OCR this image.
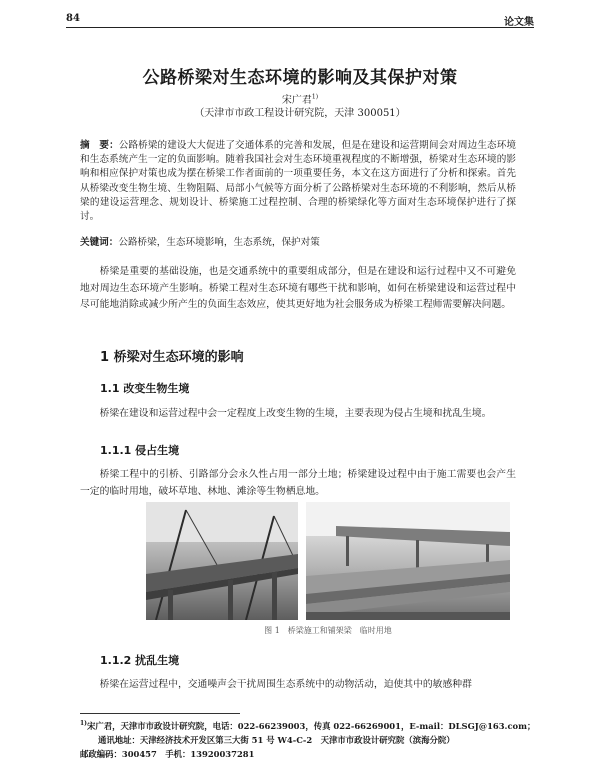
84	论文集
公路桥梁对生态环境的影响及其保护对策
宋广君$^{1)}$
（天津市市政工程设计研究院，天津 300051）
摘　要：公路桥梁的建设大大促进了交通体系的完善和发展，但是在建设和运营期间会对周边生态环境和生态系统产生一定的负面影响。随着我国社会对生态环境重视程度的不断增强，桥梁对生态环境的影响和相应保护对策也成为摆在桥梁工作者面前的一项重要任务，本文在这方面进行了分析和探索。首先从桥梁改变生物生境、生物阻隔、局部小气候等方面分析了公路桥梁对生态环境的不利影响，然后从桥梁的建设运营理念、规划设计、桥梁施工过程控制、合理的桥梁绿化等方面对生态环境保护进行了探讨。
关键词：公路桥梁，生态环境影响，生态系统，保护对策
桥梁是重要的基础设施，也是交通系统中的重要组成部分，但是在建设和运行过程中又不可避免地对周边生态环境产生影响。桥梁工程对生态环境有哪些干扰和影响，如何在桥梁建设和运营过程中尽可能地消除或减少所产生的负面生态效应，使其更好地为社会服务成为桥梁工程师需要解决问题。
1 桥梁对生态环境的影响
1.1 改变生物生境
桥梁在建设和运营过程中会一定程度上改变生物的生境，主要表现为侵占生境和扰乱生境。
1.1.1 侵占生境
桥梁工程中的引桥、引路部分会永久性占用一部分土地；桥梁建设过程中由于施工需要也会产生一定的临时用地，破坏草地、林地、滩涂等生物栖息地。
图 1　桥梁施工和铺架梁　临时用地
1.1.2 扰乱生境
桥梁在运营过程中，交通噪声会干扰周围生态系统中的动物活动，迫使其中的敏感种群
$^{1)}$宋广君，天津市市政设计研究院，电话：022-66239003，传真 022-66269001，E-mail：DLSGJ@163.com；
通讯地址：天津经济技术开发区第三大街 51 号 W4-C-2　天津市市政设计研究院（滨海分院）
邮政编码：300457　手机：13920037281
